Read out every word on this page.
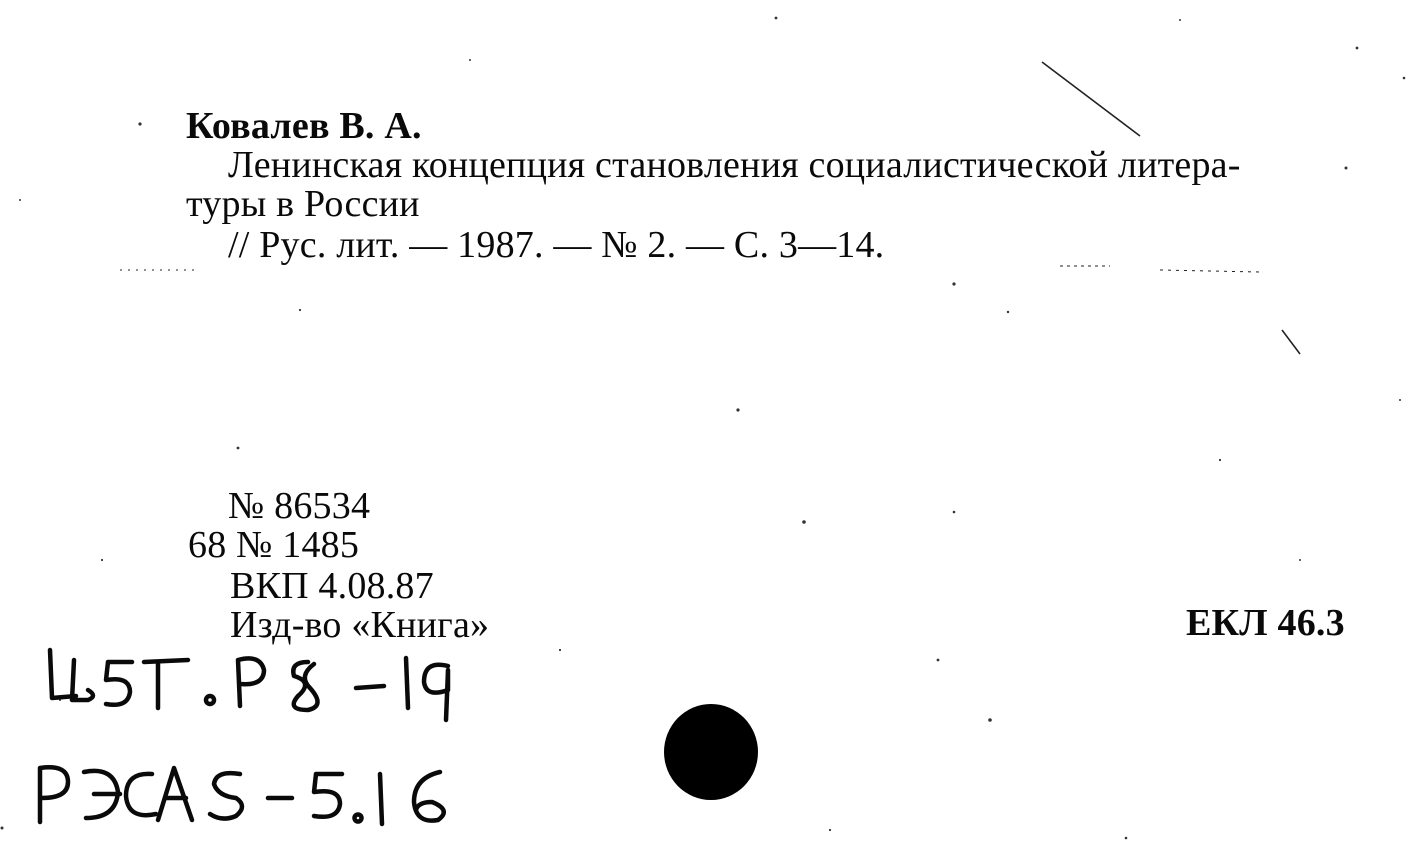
Ковалев В. А.
Ленинская концепция становления социалистической литера-
туры в России
// Рус. лит. — 1987. — № 2. — С. 3—14.
№ 86534
68 № 1485
ВКП 4.08.87
Изд-во «Книга»	ЕКЛ 46.3
